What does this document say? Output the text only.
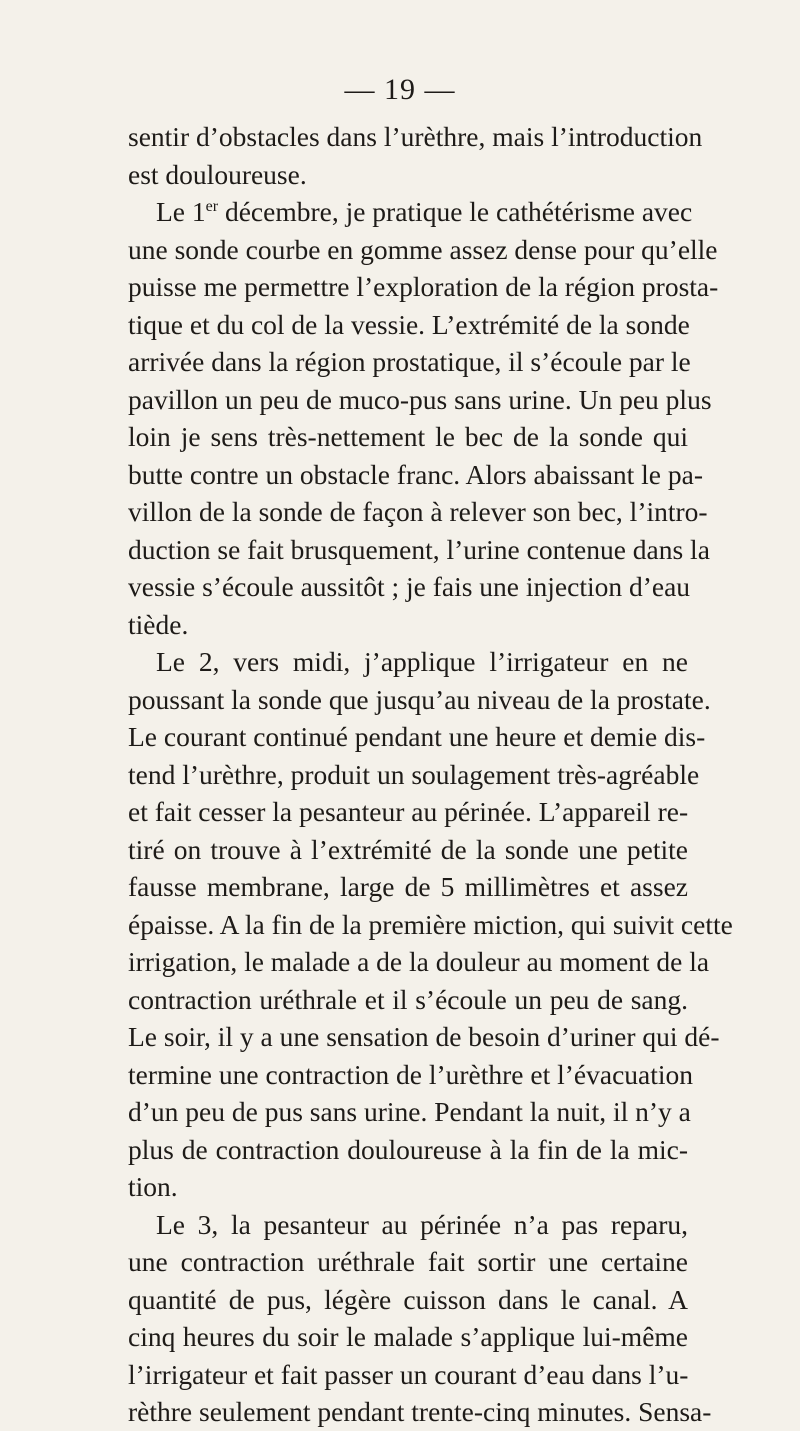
— 19 —
sentir d’obstacles dans l’urèthre, mais l’introduction
est douloureuse.
Le 1er décembre, je pratique le cathétérisme avec
une sonde courbe en gomme assez dense pour qu’elle
puisse me permettre l’exploration de la région prosta-
tique et du col de la vessie. L’extrémité de la sonde
arrivée dans la région prostatique, il s’écoule par le
pavillon un peu de muco-pus sans urine. Un peu plus
loin je sens très-nettement le bec de la sonde qui
butte contre un obstacle franc. Alors abaissant le pa-
villon de la sonde de façon à relever son bec, l’intro-
duction se fait brusquement, l’urine contenue dans la
vessie s’écoule aussitôt ; je fais une injection d’eau
tiède.
Le 2, vers midi, j’applique l’irrigateur en ne
poussant la sonde que jusqu’au niveau de la prostate.
Le courant continué pendant une heure et demie dis-
tend l’urèthre, produit un soulagement très-agréable
et fait cesser la pesanteur au périnée. L’appareil re-
tiré on trouve à l’extrémité de la sonde une petite
fausse membrane, large de 5 millimètres et assez
épaisse. A la fin de la première miction, qui suivit cette
irrigation, le malade a de la douleur au moment de la
contraction uréthrale et il s’écoule un peu de sang.
Le soir, il y a une sensation de besoin d’uriner qui dé-
termine une contraction de l’urèthre et l’évacuation
d’un peu de pus sans urine. Pendant la nuit, il n’y a
plus de contraction douloureuse à la fin de la mic-
tion.
Le 3, la pesanteur au périnée n’a pas reparu,
une contraction uréthrale fait sortir une certaine
quantité de pus, légère cuisson dans le canal. A
cinq heures du soir le malade s’applique lui-même
l’irrigateur et fait passer un courant d’eau dans l’u-
rèthre seulement pendant trente-cinq minutes. Sensa-
